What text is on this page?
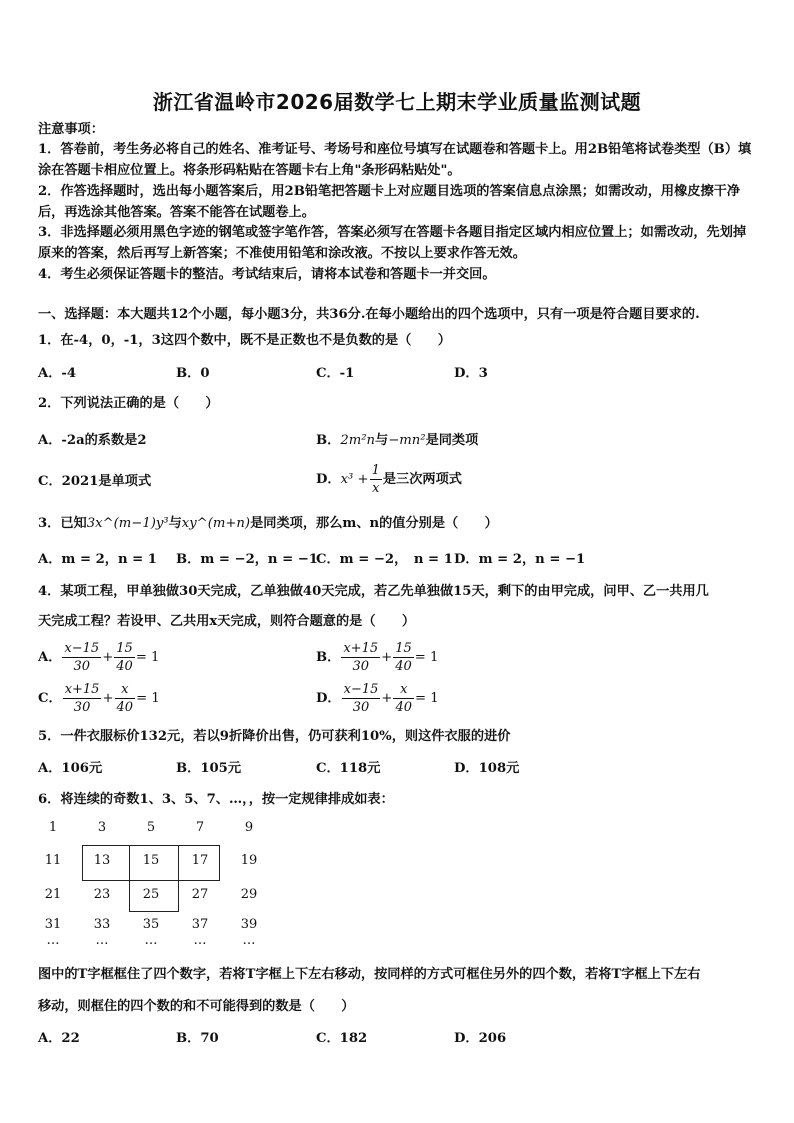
浙江省温岭市2026届数学七上期末学业质量监测试题
注意事项：
1．答卷前，考生务必将自己的姓名、准考证号、考场号和座位号填写在试题卷和答题卡上。用2B铅笔将试卷类型（B）填涂在答题卡相应位置上。将条形码粘贴在答题卡右上角"条形码粘贴处"。
2．作答选择题时，选出每小题答案后，用2B铅笔把答题卡上对应题目选项的答案信息点涂黑；如需改动，用橡皮擦干净后，再选涂其他答案。答案不能答在试题卷上。
3．非选择题必须用黑色字迹的钢笔或签字笔作答，答案必须写在答题卡各题目指定区域内相应位置上；如需改动，先划掉原来的答案，然后再写上新答案；不准使用铅笔和涂改液。不按以上要求作答无效。
4．考生必须保证答题卡的整洁。考试结束后，请将本试卷和答题卡一并交回。
一、选择题：本大题共12个小题，每小题3分，共36分.在每小题给出的四个选项中，只有一项是符合题目要求的.
1．在-4，0，-1，3这四个数中，既不是正数也不是负数的是（　　）
A．-4	B．0	C．-1	D．3
2．下列说法正确的是（　　）
A．-2a的系数是2	B．2m²n与−mn²是同类项
C．2021是单项式	D．$x^3 + \frac{1}{x}$ 是三次两项式
3．已知3x^(m−1)y³与xy^(m+n)是同类项，那么m、n的值分别是（　　）
A．m = 2，n = 1 B．m = −2，n = −1
C．m = −2，　n = 1 D．m = 2，n = −1
4．某项工程，甲单独做30天完成，乙单独做40天完成，若乙先单独做15天，剩下的由甲完成，问甲、乙一共用几
天完成工程？若设甲、乙共用x天完成，则符合题意的是（　　）
A． $\frac{x-15}{30} + \frac{15}{40} = 1$	B． $\frac{x+15}{30} + \frac{15}{40} = 1$
C． $\frac{x+15}{30} + \frac{x}{40} = 1$	D． $\frac{x-15}{30} + \frac{x}{40} = 1$
5．一件衣服标价132元，若以9折降价出售，仍可获利10%，则这件衣服的进价
A．106元	B．105元	C．118元	D．108元
6．将连续的奇数1、3、5、7、…，，按一定规律排成如表：
1	3	5	7	9
11	13	15	17	19
21	23	25	27	29
31	33	35	37	39
…	…	…	…	…
图中的T字框框住了四个数字，若将T字框上下左右移动，按同样的方式可框住另外的四个数，若将T字框上下左右
移动，则框住的四个数的和不可能得到的数是（　　）
A．22	B．70	C．182	D．206
